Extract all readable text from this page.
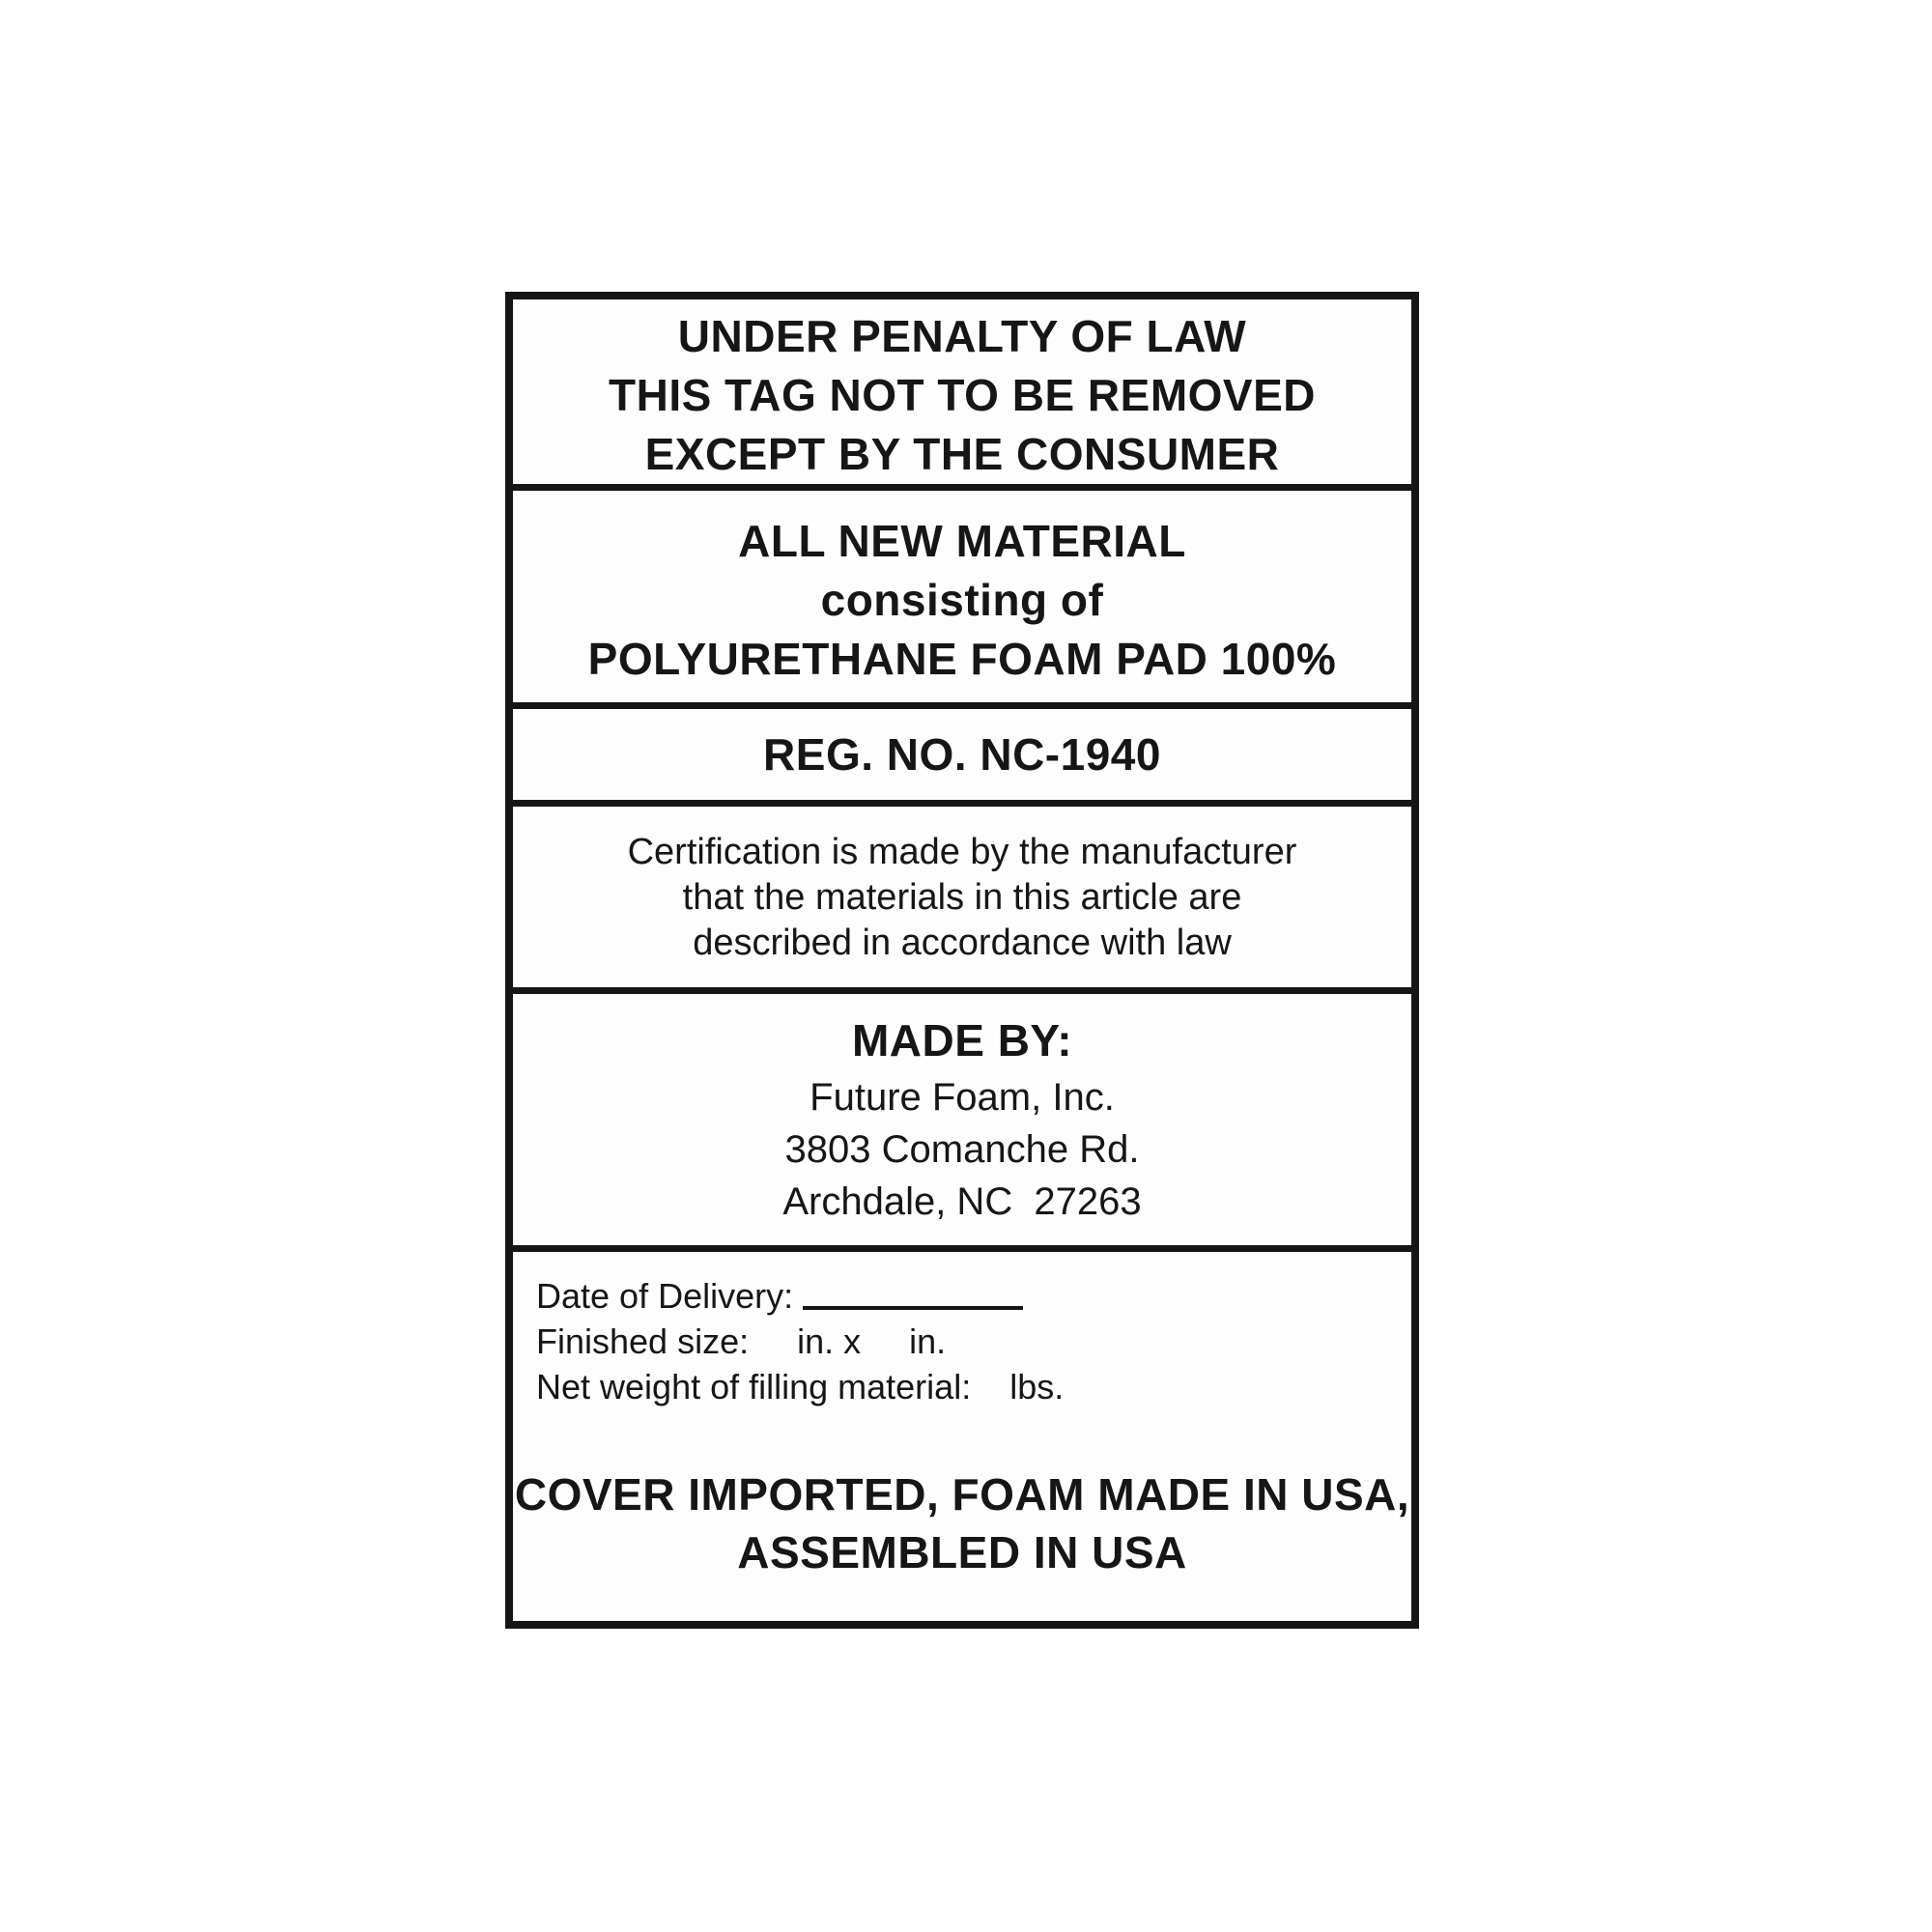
UNDER PENALTY OF LAW
THIS TAG NOT TO BE REMOVED
EXCEPT BY THE CONSUMER
ALL NEW MATERIAL
consisting of
POLYURETHANE FOAM PAD 100%
REG. NO. NC-1940
Certification is made by the manufacturer
that the materials in this article are
described in accordance with law
MADE BY:
Future Foam, Inc.
3803 Comanche Rd.
Archdale, NC  27263
Date of Delivery:
Finished size:     in. x     in.
Net weight of filling material:    lbs.
COVER IMPORTED, FOAM MADE IN USA,
ASSEMBLED IN USA
